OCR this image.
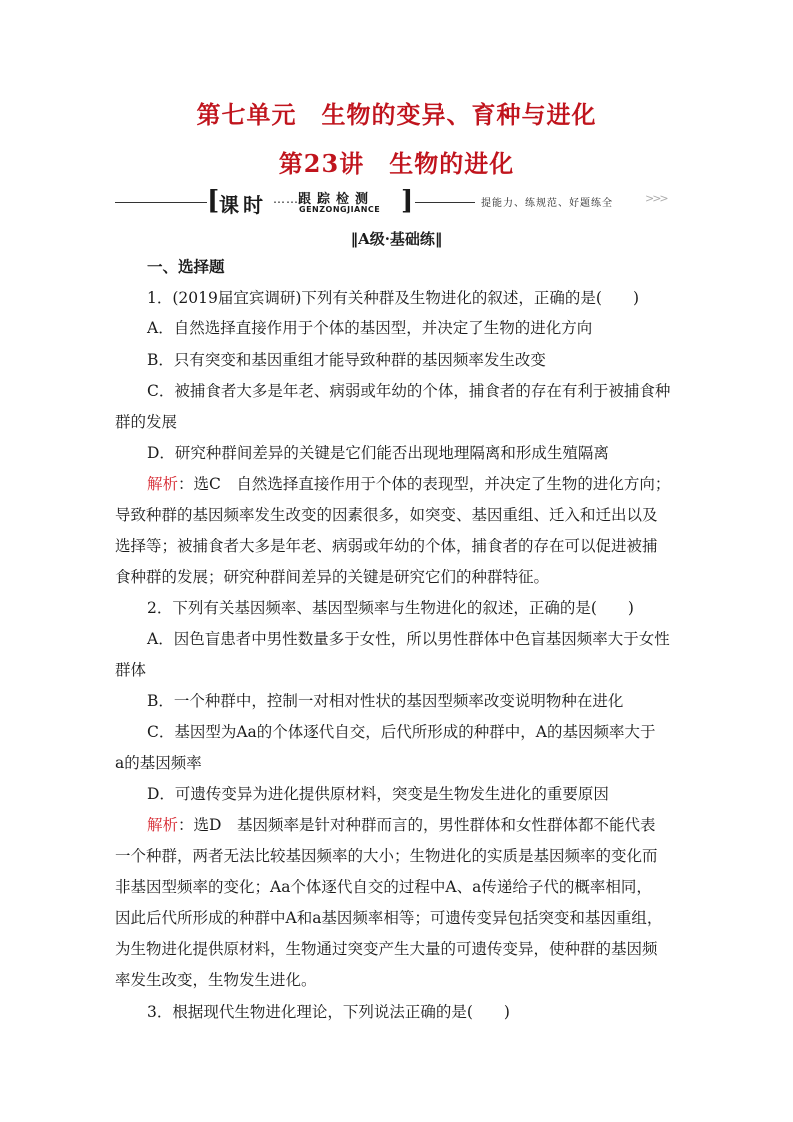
第七单元　生物的变异、育种与进化
第23讲　生物的进化
[ 课时 …… 跟踪检测
GENZONGJIANCE ]	提能力、练规范、好题练全	>>>
‖A级·基础练‖
一、选择题
1．(2019届宜宾调研)下列有关种群及生物进化的叙述，正确的是(　　)
A．自然选择直接作用于个体的基因型，并决定了生物的进化方向
B．只有突变和基因重组才能导致种群的基因频率发生改变
C．被捕食者大多是年老、病弱或年幼的个体，捕食者的存在有利于被捕食种
群的发展
D．研究种群间差异的关键是它们能否出现地理隔离和形成生殖隔离
解析：选C　自然选择直接作用于个体的表现型，并决定了生物的进化方向；
导致种群的基因频率发生改变的因素很多，如突变、基因重组、迁入和迁出以及
选择等；被捕食者大多是年老、病弱或年幼的个体，捕食者的存在可以促进被捕
食种群的发展；研究种群间差异的关键是研究它们的种群特征。
2．下列有关基因频率、基因型频率与生物进化的叙述，正确的是(　　)
A．因色盲患者中男性数量多于女性，所以男性群体中色盲基因频率大于女性
群体
B．一个种群中，控制一对相对性状的基因型频率改变说明物种在进化
C．基因型为Aa的个体逐代自交，后代所形成的种群中，A的基因频率大于
a的基因频率
D．可遗传变异为进化提供原材料，突变是生物发生进化的重要原因
解析：选D　基因频率是针对种群而言的，男性群体和女性群体都不能代表
一个种群，两者无法比较基因频率的大小；生物进化的实质是基因频率的变化而
非基因型频率的变化；Aa个体逐代自交的过程中A、a传递给子代的概率相同，
因此后代所形成的种群中A和a基因频率相等；可遗传变异包括突变和基因重组，
为生物进化提供原材料，生物通过突变产生大量的可遗传变异，使种群的基因频
率发生改变，生物发生进化。
3．根据现代生物进化理论，下列说法正确的是(　　)
